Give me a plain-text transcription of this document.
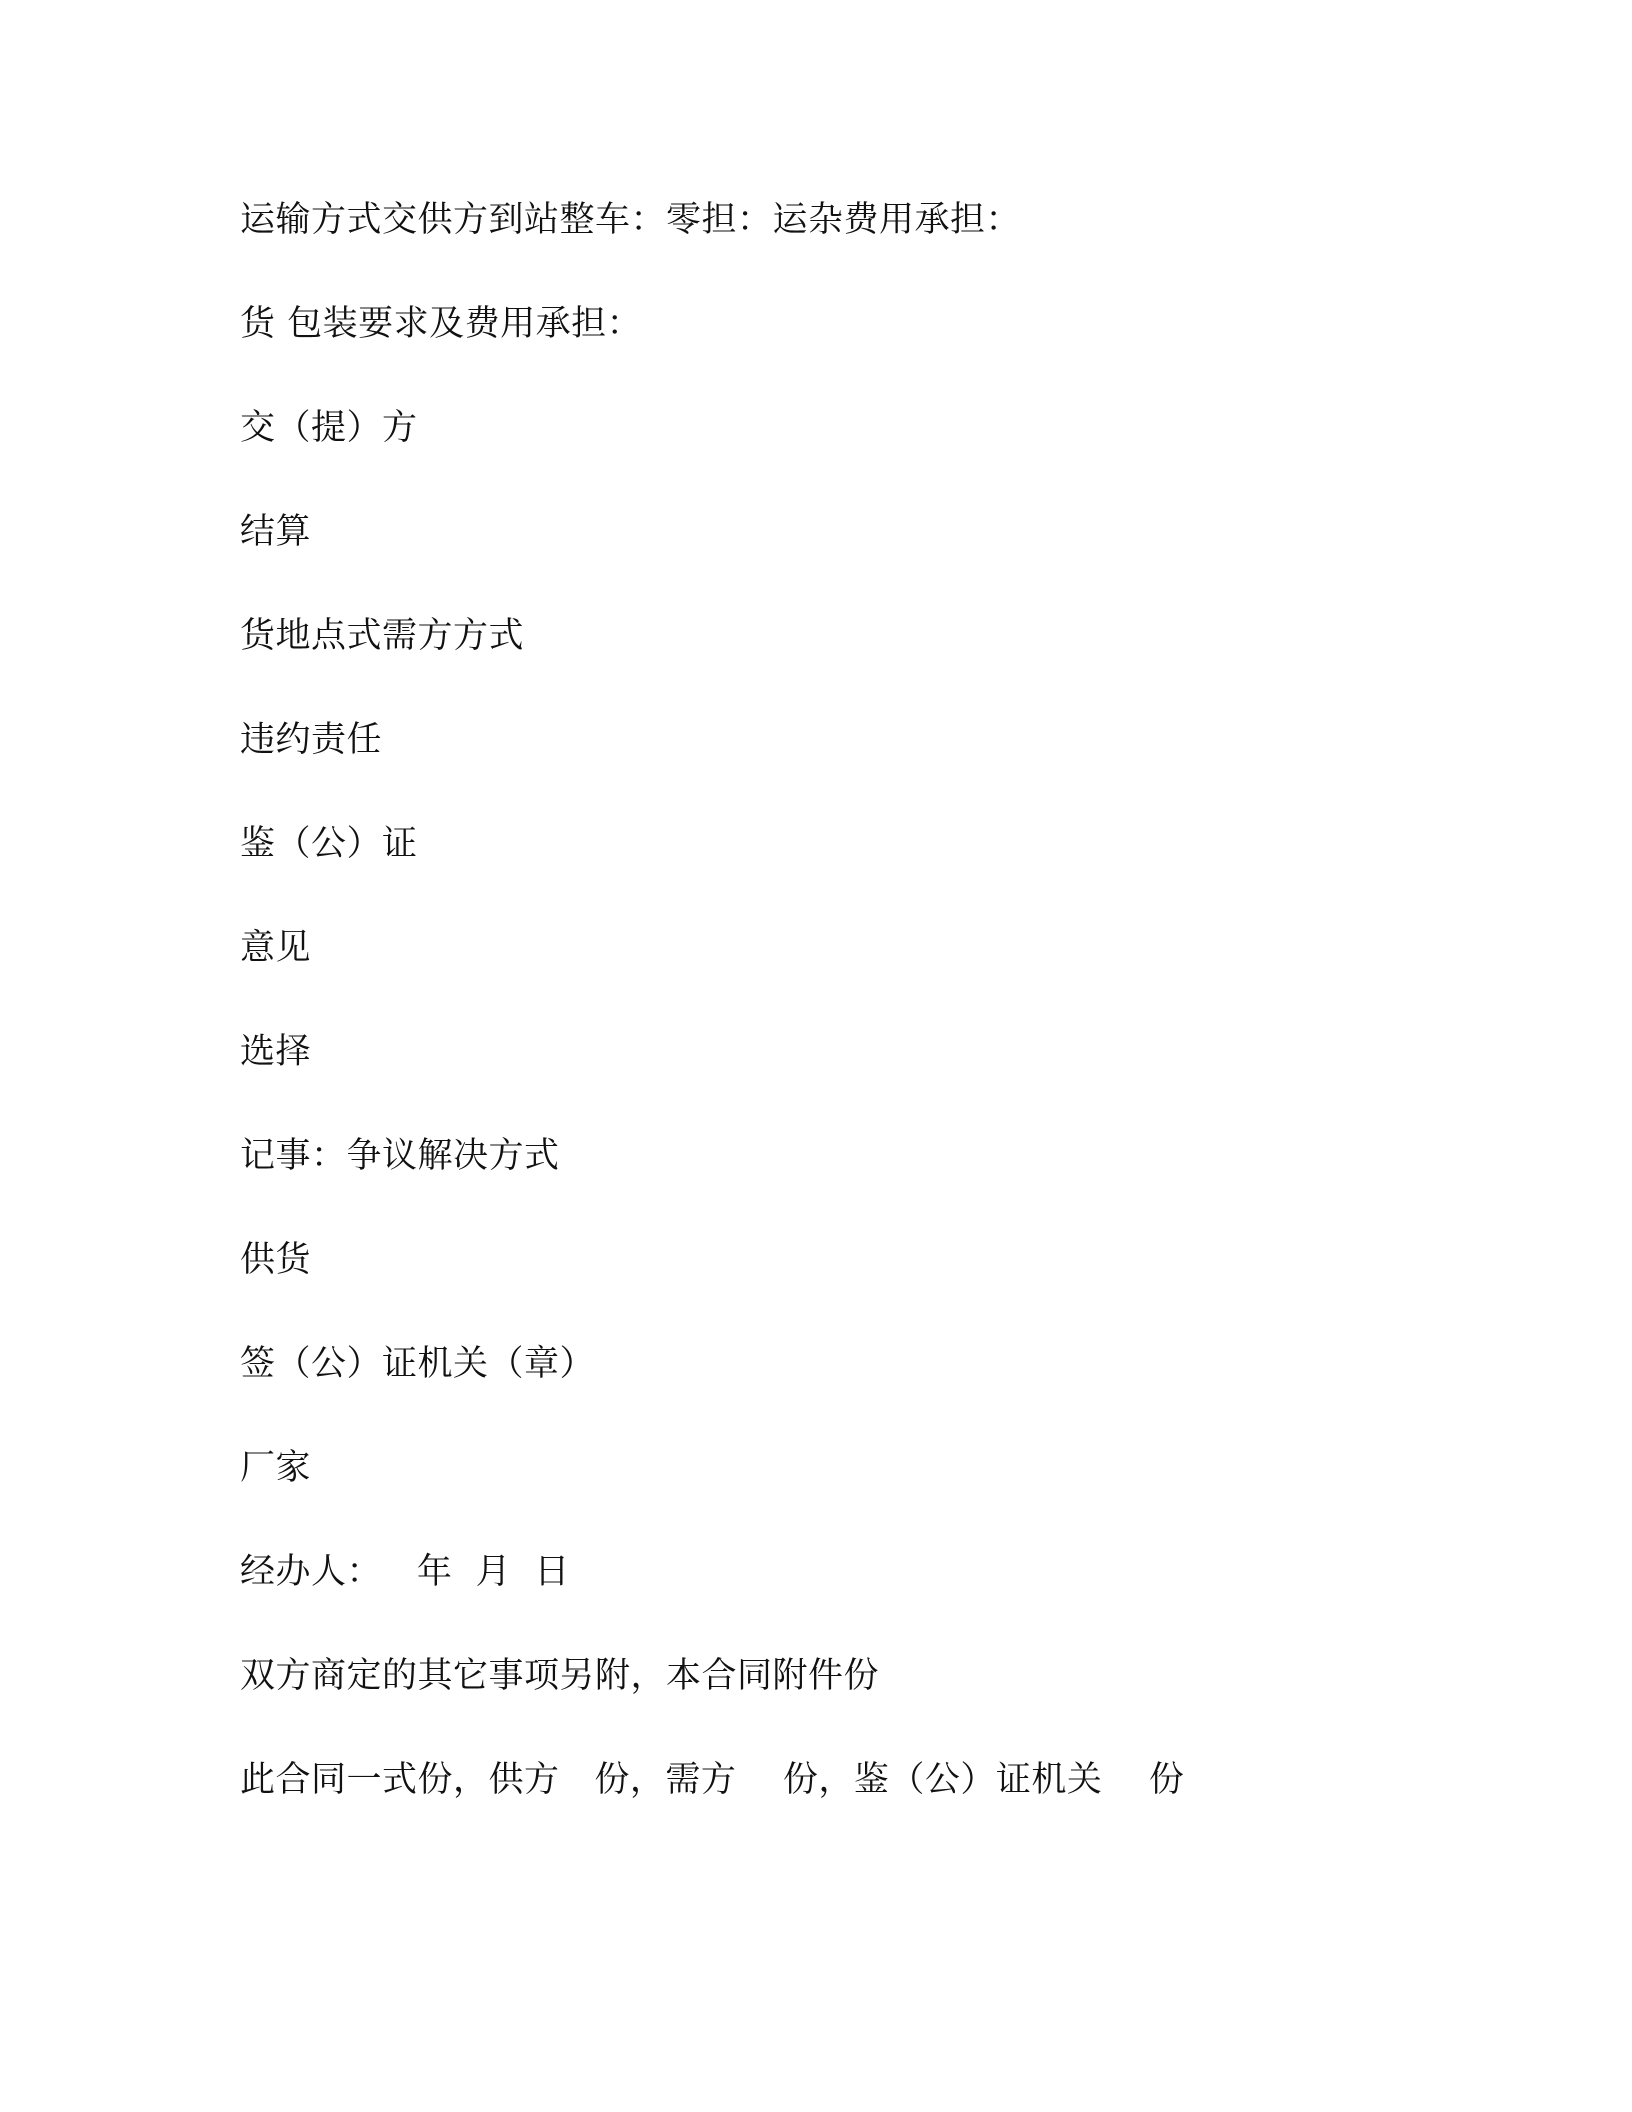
运输方式交供方到站整车：零担：运杂费用承担：
货 包装要求及费用承担：
交（提）方
结算
货地点式需方方式
违约责任
鉴（公）证
意见
选择
记事：争议解决方式
供货
签（公）证机关（章）
厂家
经办人：   年  月  日
双方商定的其它事项另附，本合同附件份
此合同一式份，供方   份，需方    份，鉴（公）证机关    份
